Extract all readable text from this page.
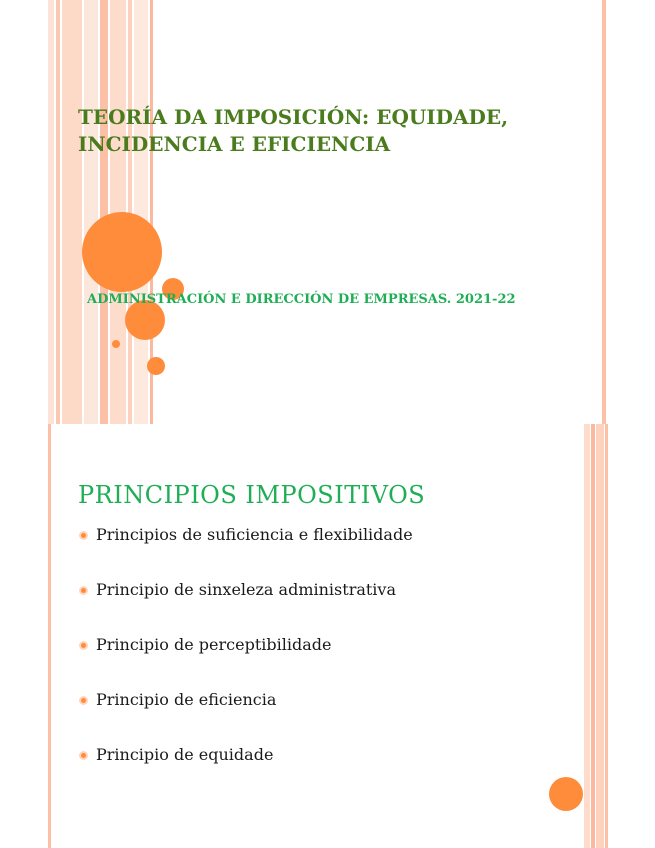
TEORÍA DA IMPOSICIÓN: EQUIDADE,
INCIDENCIA E EFICIENCIA

ADMINISTRACIÓN E DIRECCIÓN DE EMPRESAS. 2021-22

PRINCIPIOS IMPOSITIVOS
Principios de suficiencia e flexibilidade
Principio de sinxeleza administrativa
Principio de perceptibilidade
Principio de eficiencia
Principio de equidade
